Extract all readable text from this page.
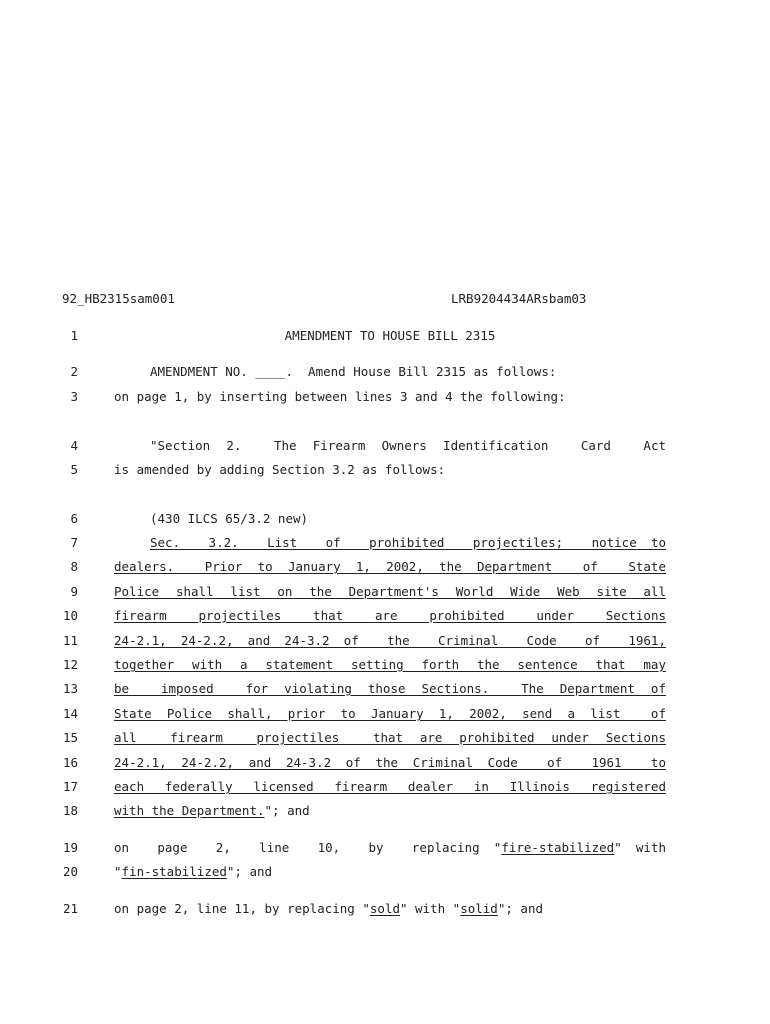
92_HB2315sam001	LRB9204434ARsbam03
1	AMENDMENT TO HOUSE BILL 2315
2	AMENDMENT NO. ____.  Amend House Bill 2315 as follows:
3	on page 1, by inserting between lines 3 and 4 the following:
4	"Section 2.  The Firearm Owners Identification  Card  Act
5	is amended by adding Section 3.2 as follows:
6	(430 ILCS 65/3.2 new)
7	Sec.  3.2.  List  of  prohibited  projectiles;  notice to
8	dealers.  Prior to January 1, 2002, the Department  of  State
9	Police shall list on the Department's World Wide Web site all
10	firearm  projectiles  that  are  prohibited  under  Sections
11	24-2.1, 24-2.2, and 24-3.2 of  the  Criminal  Code  of  1961,
12	together with a statement setting forth the sentence that may
13	be  imposed  for violating those Sections.  The Department of
14	State Police shall, prior to January 1, 2002, send a list  of
15	all  firearm  projectiles  that are prohibited under Sections
16	24-2.1, 24-2.2, and 24-3.2 of the Criminal Code  of  1961  to
17	each federally licensed firearm dealer in Illinois registered
18	with the Department."; and
19	on  page  2,  line  10,  by  replacing "fire-stabilized" with
20	"fin-stabilized"; and
21	on page 2, line 11, by replacing "sold" with "solid"; and
